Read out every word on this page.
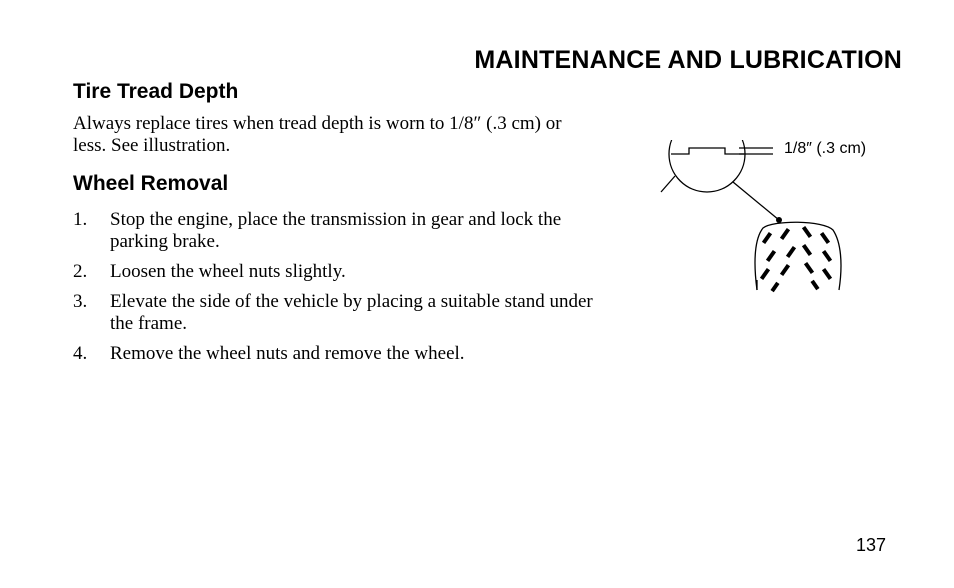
MAINTENANCE AND LUBRICATION
Tire Tread Depth
Always replace tires when tread depth is worn to 1/8″ (.3 cm) or less. See illustration.
Wheel Removal
1. Stop the engine, place the transmission in gear and lock the parking brake.
2. Loosen the wheel nuts slightly.
3. Elevate the side of the vehicle by placing a suitable stand under the frame.
4. Remove the wheel nuts and remove the wheel.
1/8″ (.3 cm)
137
